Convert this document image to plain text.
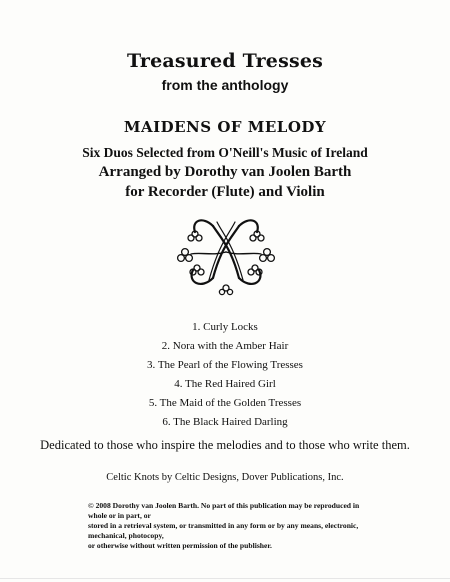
Treasured Tresses
from the anthology
MAIDENS OF MELODY
Six Duos Selected from O'Neill's Music of Ireland
Arranged by Dorothy van Joolen Barth
for Recorder (Flute) and Violin
1. Curly Locks
2. Nora with the Amber Hair
3. The Pearl of the Flowing Tresses
4. The Red Haired Girl
5. The Maid of the Golden Tresses
6. The Black Haired Darling
Dedicated to those who inspire the melodies and to those who write them.
Celtic Knots by Celtic Designs, Dover Publications, Inc.
© 2008 Dorothy van Joolen Barth. No part of this publication may be reproduced in whole or in part, or
stored in a retrieval system, or transmitted in any form or by any means, electronic, mechanical, photocopy,
or otherwise without written permission of the publisher.
